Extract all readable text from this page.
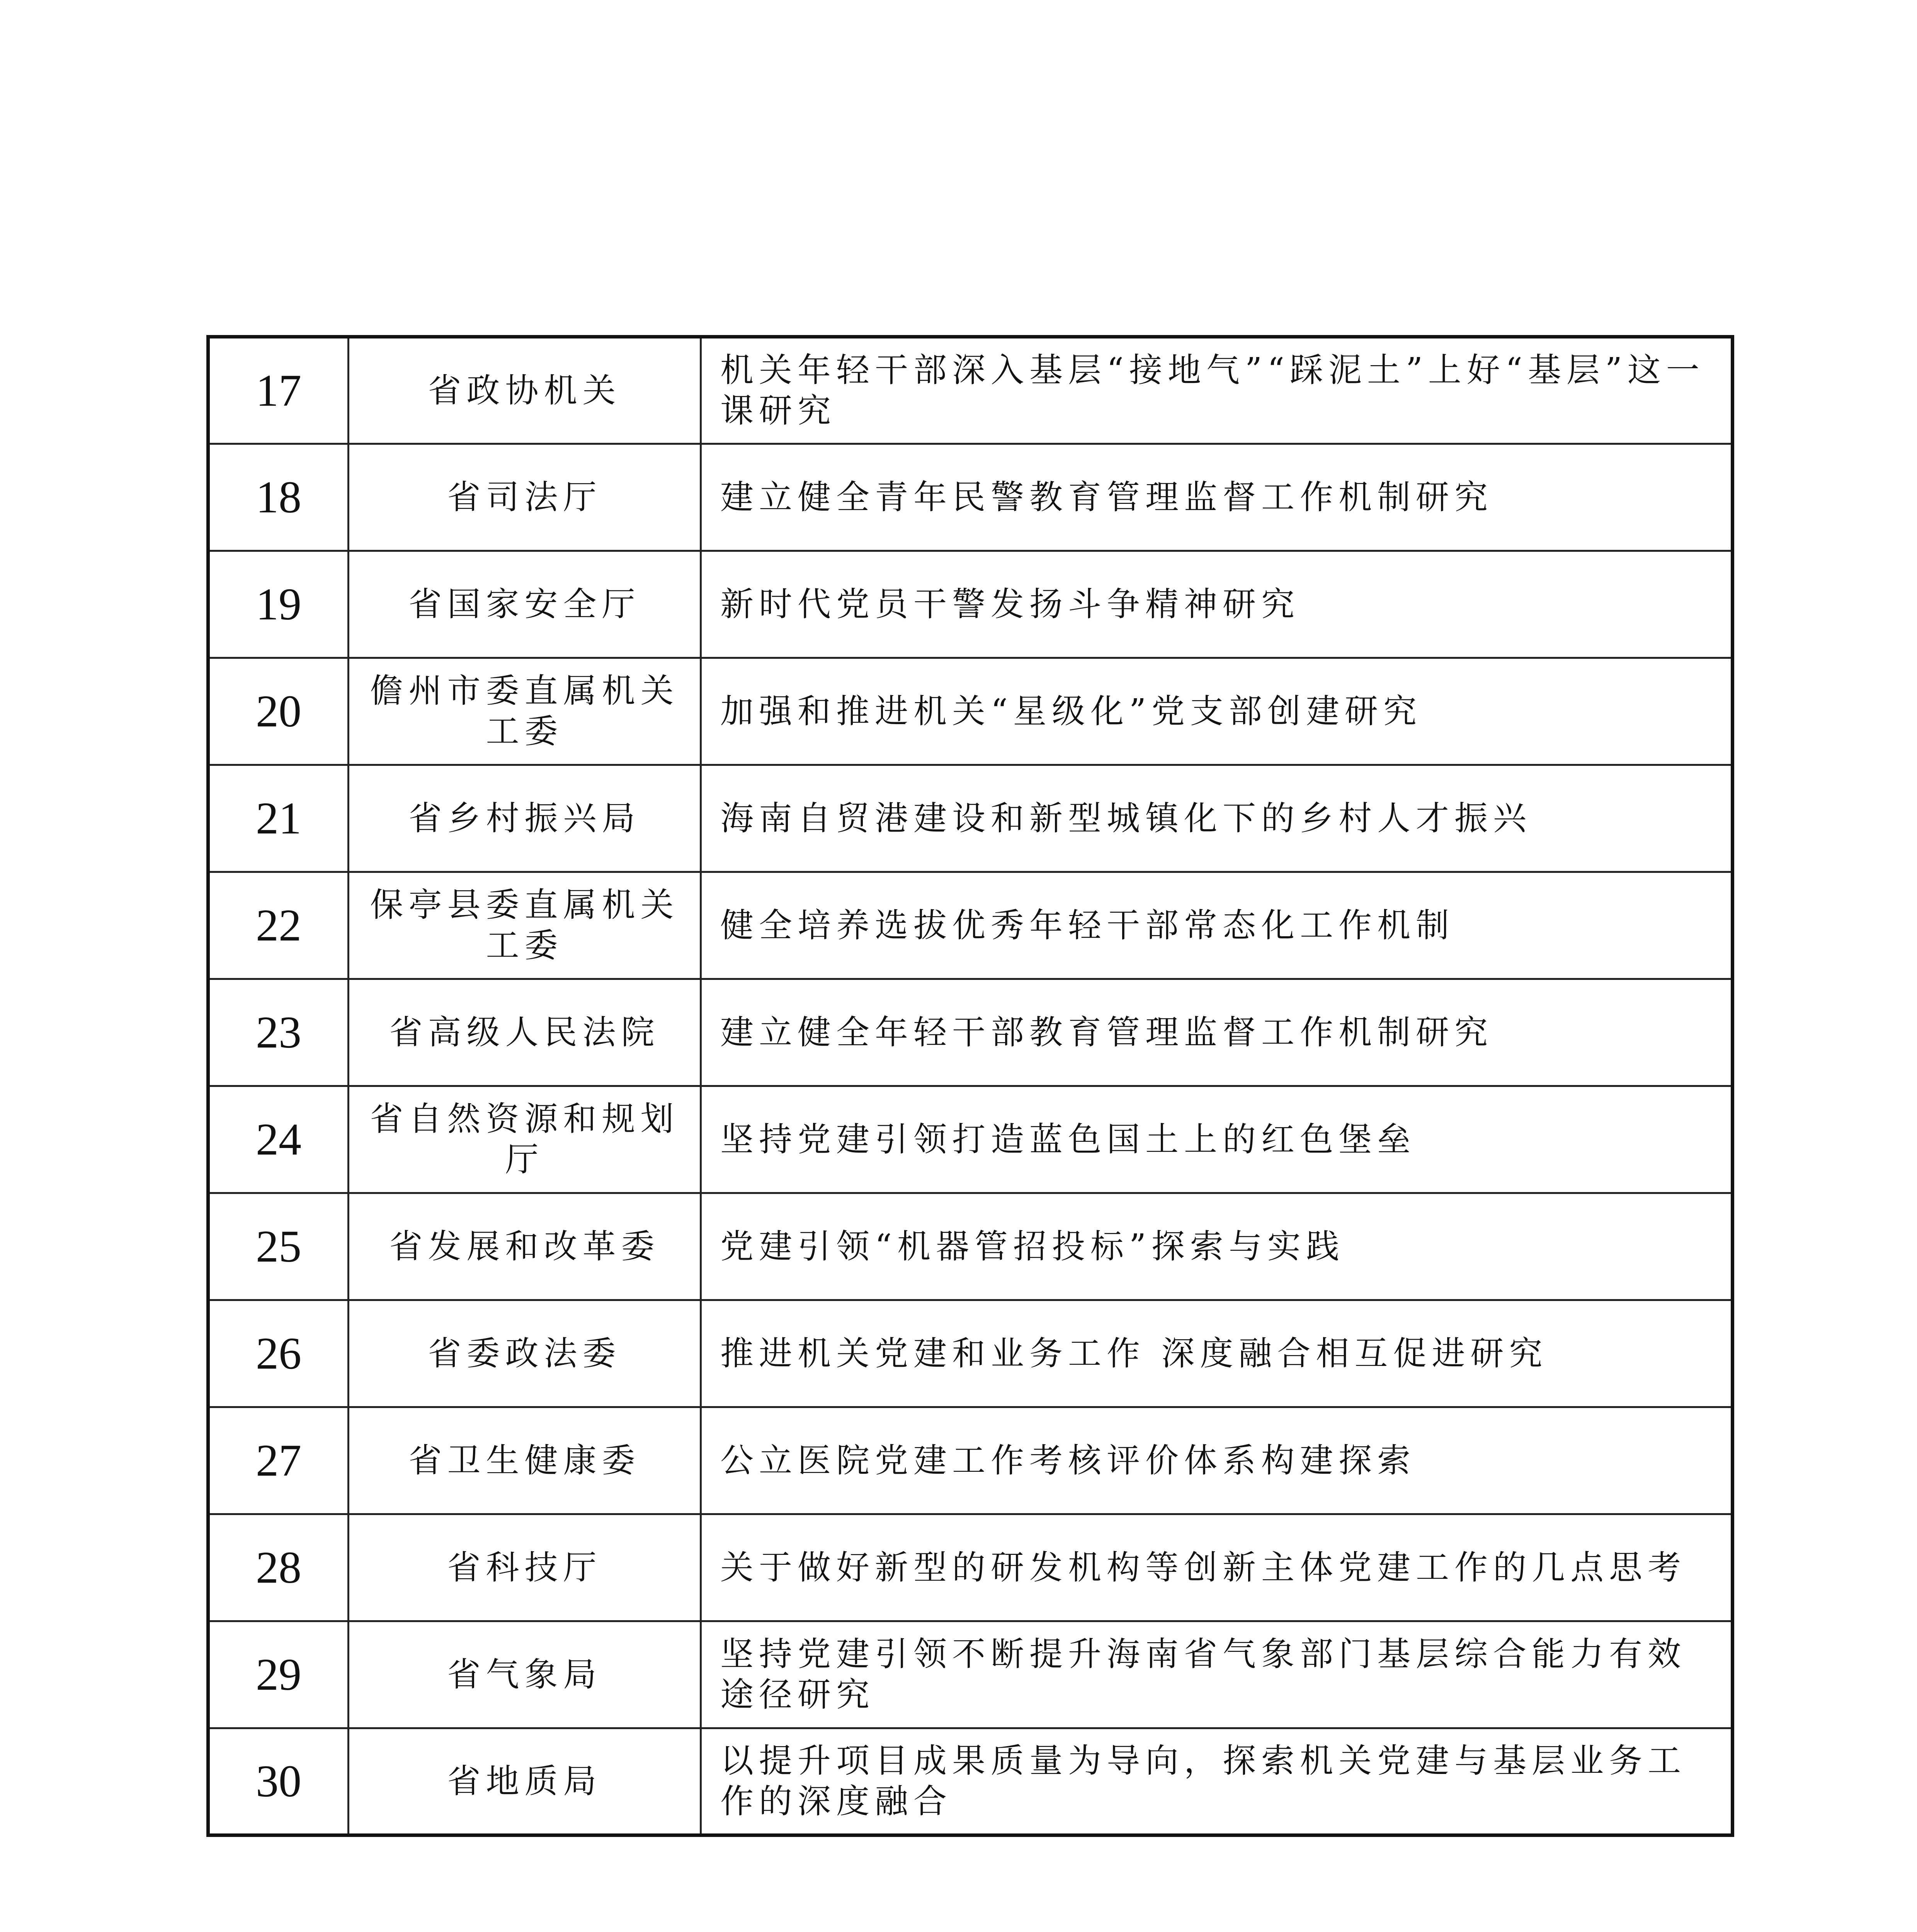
17	省政协机关	机关年轻干部深入基层“接地气”“踩泥土”上好“基层”这一课研究
18	省司法厅	建立健全青年民警教育管理监督工作机制研究
19	省国家安全厅	新时代党员干警发扬斗争精神研究
20	儋州市委直属机关工委	加强和推进机关“星级化”党支部创建研究
21	省乡村振兴局	海南自贸港建设和新型城镇化下的乡村人才振兴
22	保亭县委直属机关工委	健全培养选拔优秀年轻干部常态化工作机制
23	省高级人民法院	建立健全年轻干部教育管理监督工作机制研究
24	省自然资源和规划厅	坚持党建引领打造蓝色国土上的红色堡垒
25	省发展和改革委	党建引领“机器管招投标”探索与实践
26	省委政法委	推进机关党建和业务工作 深度融合相互促进研究
27	省卫生健康委	公立医院党建工作考核评价体系构建探索
28	省科技厅	关于做好新型的研发机构等创新主体党建工作的几点思考
29	省气象局	坚持党建引领不断提升海南省气象部门基层综合能力有效途径研究
30	省地质局	以提升项目成果质量为导向，探索机关党建与基层业务工作的深度融合
